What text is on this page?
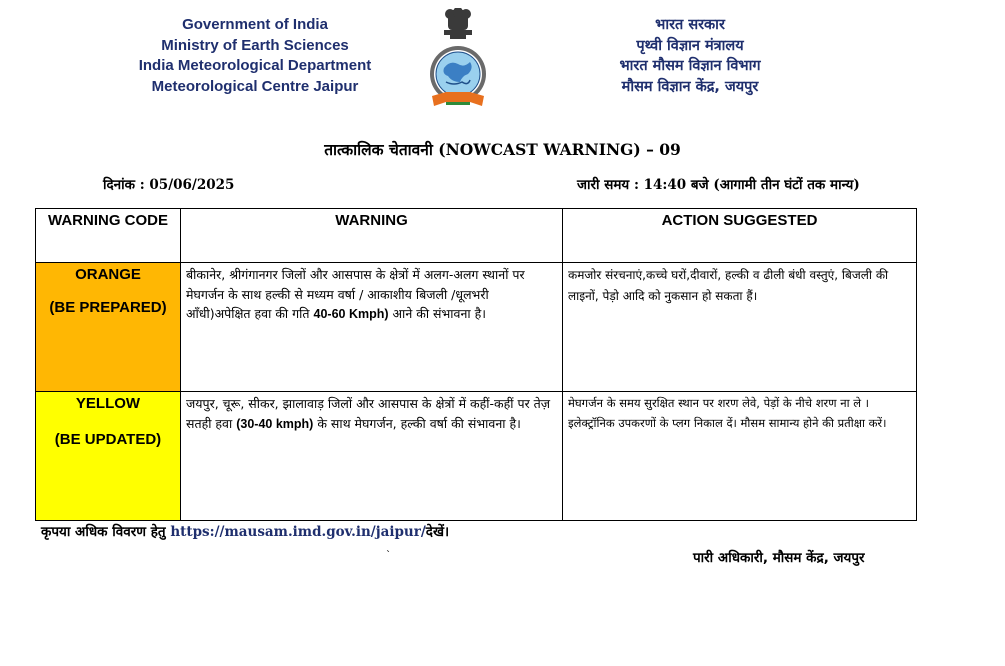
Government of India
Ministry of Earth Sciences
India Meteorological Department
Meteorological Centre Jaipur
भारत सरकार
पृथ्वी विज्ञान मंत्रालय
भारत मौसम विज्ञान विभाग
मौसम विज्ञान केंद्र, जयपुर
तात्कालिक चेतावनी (NOWCAST WARNING) – 09
दिनांक : 05/06/2025	जारी समय : 14:40 बजे (आगामी तीन घंटों तक मान्य)
WARNING CODE	WARNING	ACTION SUGGESTED
ORANGE
(BE PREPARED)	बीकानेर, श्रीगंगानगर जिलों और आसपास के क्षेत्रों में अलग-अलग स्थानों पर मेघगर्जन के साथ हल्की से मध्यम वर्षा / आकाशीय बिजली /धूलभरी आँधी)अपेक्षित हवा की गति 40-60 Kmph) आने की संभावना है।	कमजोर संरचनाएं,कच्चे घरों,दीवारों, हल्की व ढीली बंधी वस्तुएं, बिजली की लाइनों, पेड़ो आदि को नुकसान हो सकता हैं।
YELLOW
(BE UPDATED)	जयपुर, चूरू, सीकर, झालावाड़ जिलों और आसपास के क्षेत्रों में कहीं-कहीं पर तेज़ सतही हवा (30-40 kmph) के साथ मेघगर्जन, हल्की वर्षा की संभावना है।	मेघगर्जन के समय सुरक्षित स्थान पर शरण लेवे, पेड़ों के नीचे शरण ना ले । इलेक्ट्रॉनिक उपकरणों के प्लग निकाल दें। मौसम सामान्य होने की प्रतीक्षा करें।
कृपया अधिक विवरण हेतु https://mausam.imd.gov.in/jaipur/देखें।
`	पारी अधिकारी, मौसम केंद्र, जयपुर
